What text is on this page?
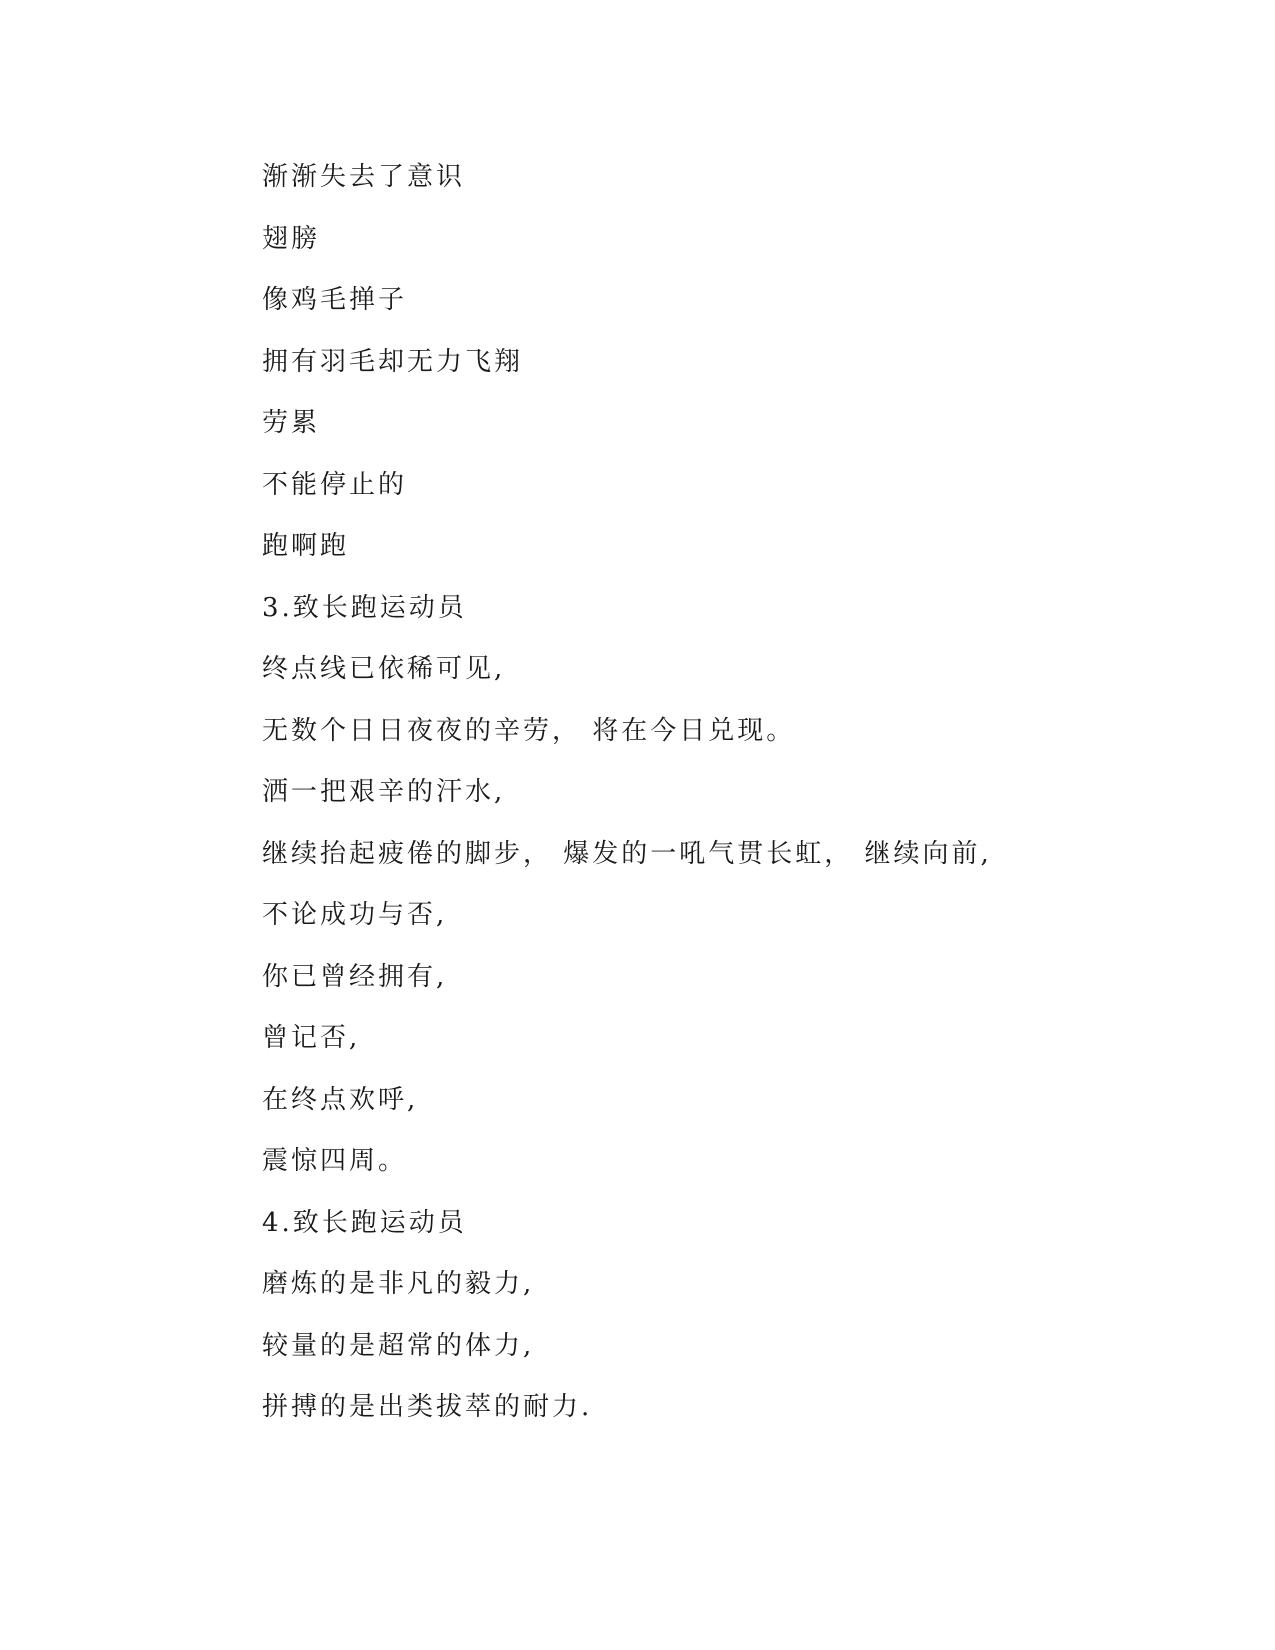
渐渐失去了意识
翅膀
像鸡毛掸子
拥有羽毛却无力飞翔
劳累
不能停止的
跑啊跑
3.致长跑运动员
终点线已依稀可见,
无数个日日夜夜的辛劳， 将在今日兑现。
洒一把艰辛的汗水,
继续抬起疲倦的脚步， 爆发的一吼气贯长虹， 继续向前,
不论成功与否,
你已曾经拥有,
曾记否,
在终点欢呼,
震惊四周。
4.致长跑运动员
磨炼的是非凡的毅力,
较量的是超常的体力,
拼搏的是出类拔萃的耐力.
